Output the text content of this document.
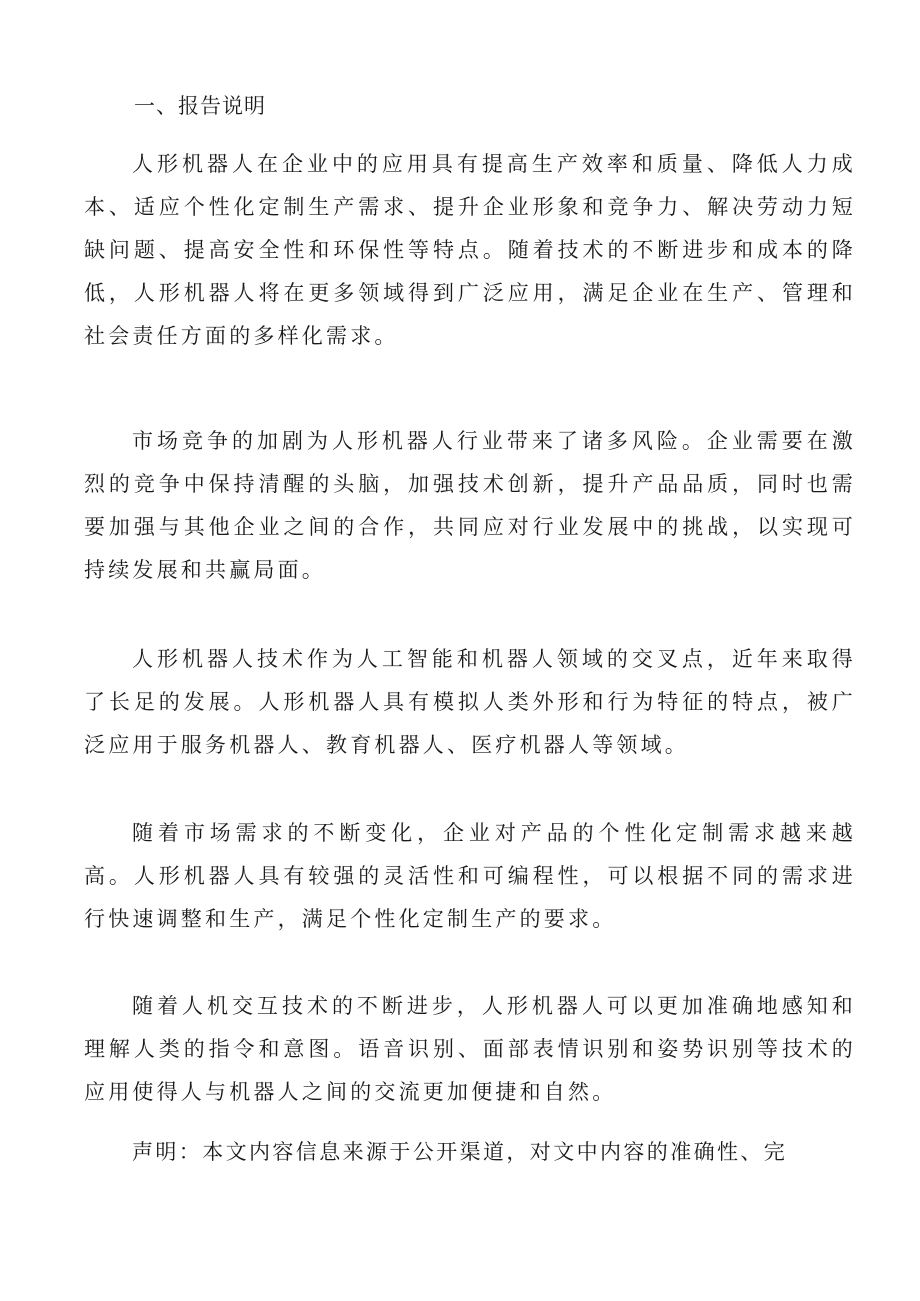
一、报告说明

人形机器人在企业中的应用具有提高生产效率和质量、降低人力成本、适应个性化定制生产需求、提升企业形象和竞争力、解决劳动力短缺问题、提高安全性和环保性等特点。随着技术的不断进步和成本的降低，人形机器人将在更多领域得到广泛应用，满足企业在生产、管理和社会责任方面的多样化需求。

市场竞争的加剧为人形机器人行业带来了诸多风险。企业需要在激烈的竞争中保持清醒的头脑，加强技术创新，提升产品品质，同时也需要加强与其他企业之间的合作，共同应对行业发展中的挑战，以实现可持续发展和共赢局面。

人形机器人技术作为人工智能和机器人领域的交叉点，近年来取得了长足的发展。人形机器人具有模拟人类外形和行为特征的特点，被广泛应用于服务机器人、教育机器人、医疗机器人等领域。

随着市场需求的不断变化，企业对产品的个性化定制需求越来越高。人形机器人具有较强的灵活性和可编程性，可以根据不同的需求进行快速调整和生产，满足个性化定制生产的要求。

随着人机交互技术的不断进步，人形机器人可以更加准确地感知和理解人类的指令和意图。语音识别、面部表情识别和姿势识别等技术的应用使得人与机器人之间的交流更加便捷和自然。

声明：本文内容信息来源于公开渠道，对文中内容的准确性、完
